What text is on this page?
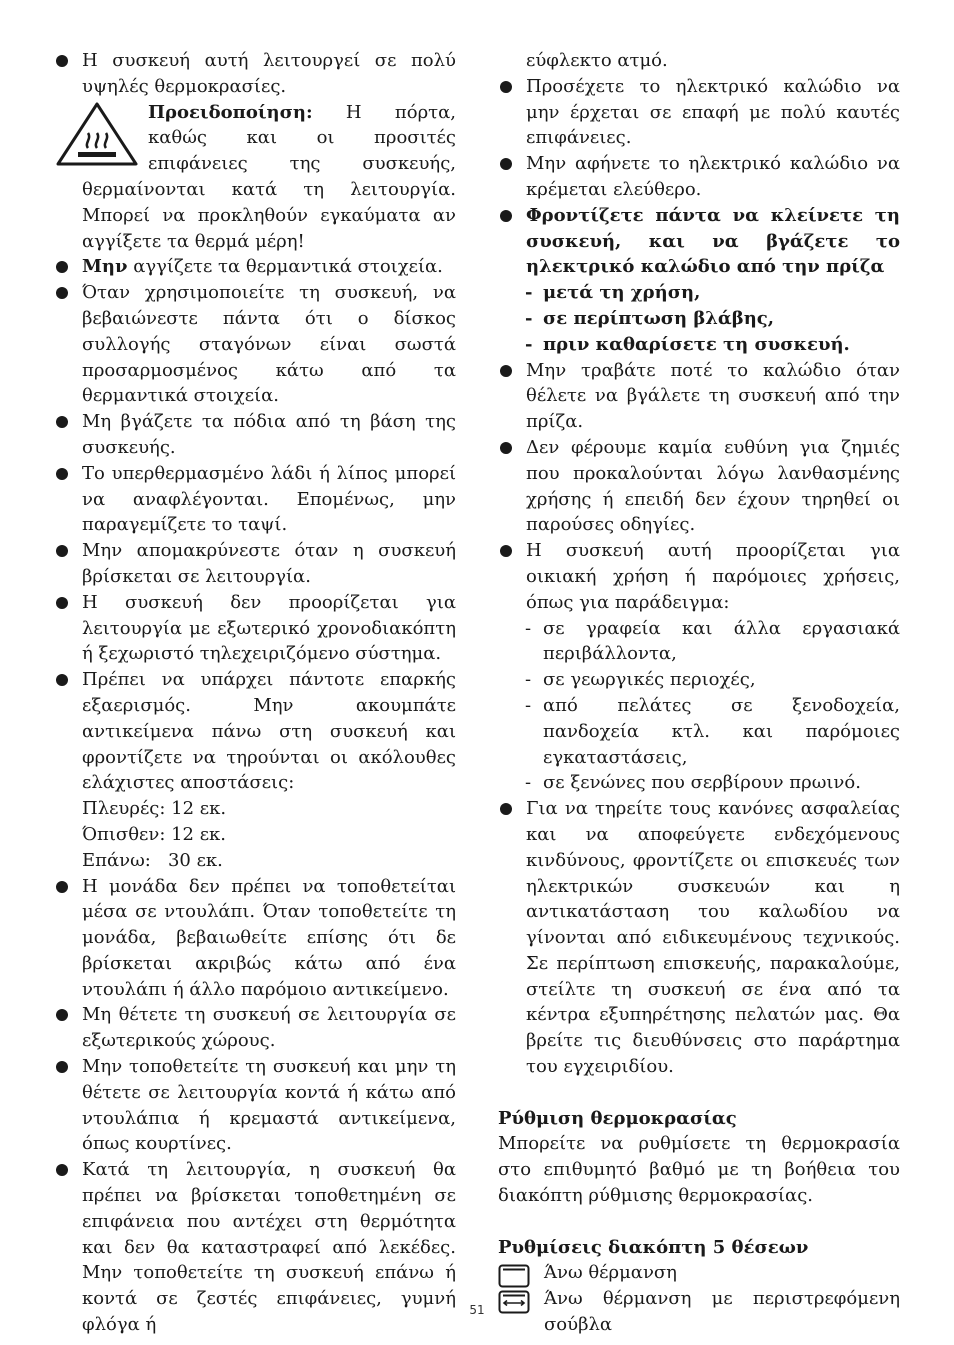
Η συσκευή αυτή λειτουργεί σε πολύ υψηλές θερμοκρασίες.

Προειδοποίηση: Η πόρτα, καθώς και οι προσιτές επιφάνειες της συσκευής, θερμαίνονται κατά τη λειτουργία. Μπορεί να προκληθούν εγκαύματα αν αγγίξετε τα θερμά μέρη!

Μην αγγίζετε τα θερμαντικά στοιχεία.

Όταν χρησιμοποιείτε τη συσκευή, να βεβαιώνεστε πάντα ότι ο δίσκος συλλογής σταγόνων είναι σωστά προσαρμοσμένος κάτω από τα θερμαντικά στοιχεία.

Μη βγάζετε τα πόδια από τη βάση της συσκευής.

Το υπερθερμασμένο λάδι ή λίπος μπορεί να αναφλέγονται. Επομένως, μην παραγεμίζετε το ταψί.

Μην απομακρύνεστε όταν η συσκευή βρίσκεται σε λειτουργία.

Η συσκευή δεν προορίζεται για λειτουργία με εξωτερικό χρονοδιακόπτη ή ξεχωριστό τηλεχειριζόμενο σύστημα.

Πρέπει να υπάρχει πάντοτε επαρκής εξαερισμός. Μην ακουμπάτε αντικείμενα πάνω στη συσκευή και φροντίζετε να τηρούνται οι ακόλουθες ελάχιστες αποστάσεις:

Πλευρές: 12 εκ.

Όπισθεν: 12 εκ.

Επάνω:   30 εκ.

Η μονάδα δεν πρέπει να τοποθετείται μέσα σε ντουλάπι. Όταν τοποθετείτε τη μονάδα, βεβαιωθείτε επίσης ότι δε βρίσκεται ακριβώς κάτω από ένα ντουλάπι ή άλλο παρόμοιο αντικείμενο.

Μη θέτετε τη συσκευή σε λειτουργία σε εξωτερικούς χώρους.

Μην τοποθετείτε τη συσκευή και μην τη θέτετε σε λειτουργία κοντά ή κάτω από ντουλάπια ή κρεμαστά αντικείμενα, όπως κουρτίνες.

Κατά τη λειτουργία, η συσκευή θα πρέπει να βρίσκεται τοποθετημένη σε επιφάνεια που αντέχει στη θερμότητα και δεν θα καταστραφεί από λεκέδες. Μην τοποθετείτε τη συσκευή επάνω ή κοντά σε ζεστές επιφάνειες, γυμνή φλόγα ή

εύφλεκτο ατμό.

Προσέχετε το ηλεκτρικό καλώδιο να μην έρχεται σε επαφή με πολύ καυτές επιφάνειες.

Μην αφήνετε το ηλεκτρικό καλώδιο να κρέμεται ελεύθερο.

Φροντίζετε πάντα να κλείνετε τη συσκευή, και να βγάζετε το ηλεκτρικό καλώδιο από την πρίζα

- μετά τη χρήση,

- σε περίπτωση βλάβης,

- πριν καθαρίσετε τη συσκευή.

Μην τραβάτε ποτέ το καλώδιο όταν θέλετε να βγάλετε τη συσκευή από την πρίζα.

Δεν φέρουμε καμία ευθύνη για ζημιές που προκαλούνται λόγω λανθασμένης χρήσης ή επειδή δεν έχουν τηρηθεί οι παρούσες οδηγίες.

Η συσκευή αυτή προορίζεται για οικιακή χρήση ή παρόμοιες χρήσεις, όπως για παράδειγμα:

- σε γραφεία και άλλα εργασιακά περιβάλλοντα,

- σε γεωργικές περιοχές,

- από πελάτες σε ξενοδοχεία, πανδοχεία κτλ. και παρόμοιες εγκαταστάσεις,

- σε ξενώνες που σερβίρουν πρωινό.

Για να τηρείτε τους κανόνες ασφαλείας και να αποφεύγετε ενδεχόμενους κινδύνους, φροντίζετε οι επισκευές των ηλεκτρικών συσκευών και η αντικατάσταση του καλωδίου να γίνονται από ειδικευμένους τεχνικούς. Σε περίπτωση επισκευής, παρακαλούμε, στείλτε τη συσκευή σε ένα από τα κέντρα εξυπηρέτησης πελατών μας. Θα βρείτε τις διευθύνσεις στο παράρτημα του εγχειριδίου.

Ρύθμιση θερμοκρασίας

Μπορείτε να ρυθμίσετε τη θερμοκρασία στο επιθυμητό βαθμό με τη βοήθεια του διακόπτη ρύθμισης θερμοκρασίας.

Ρυθμίσεις διακόπτη 5 θέσεων

Άνω θέρμανση

Άνω θέρμανση με περιστρεφόμενη σούβλα

51
